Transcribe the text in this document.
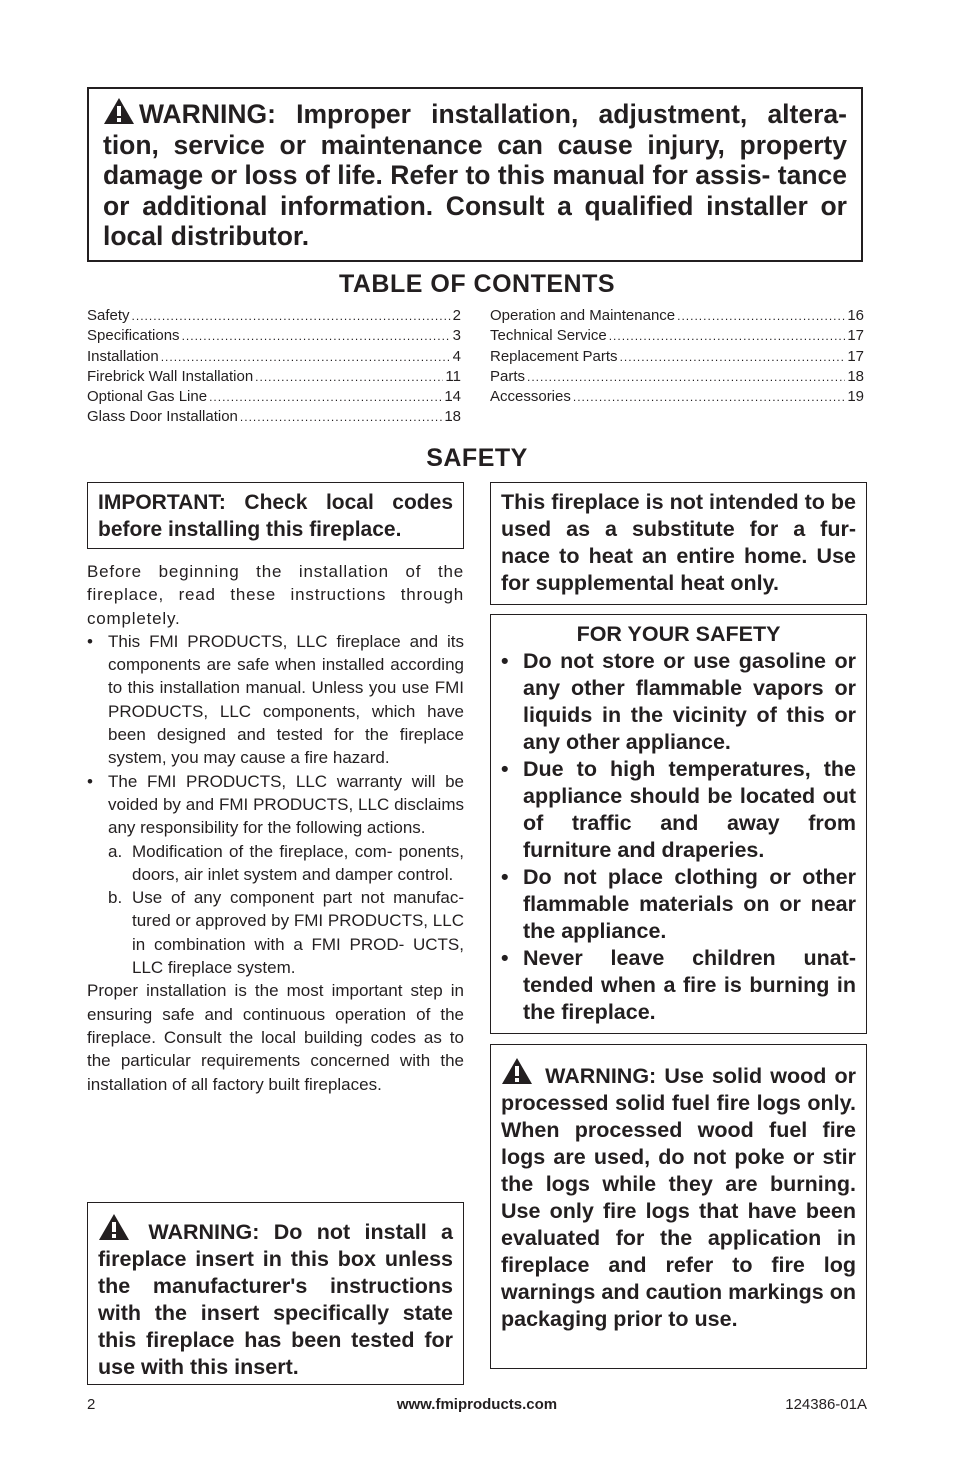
WARNING: Improper installation, adjustment, altera- tion, service or maintenance can cause injury, property damage or loss of life. Refer to this manual for assis- tance or additional information. Consult a qualified installer or local distributor.

TABLE OF CONTENTS
Safety .....	2
Specifications .....	3
Installation .....	4
Firebrick Wall Installation .....	11
Optional Gas Line .....	14
Glass Door Installation .....	18
Operation and Maintenance .....	16
Technical Service .....	17
Replacement Parts .....	17
Parts .....	18
Accessories .....	19
SAFETY

IMPORTANT: Check local codes before installing this fireplace.

Before beginning the installation of the fireplace, read these instructions through completely.

• This FMI PRODUCTS, LLC fireplace and its components are safe when installed according to this installation manual. Unless you use FMI PRODUCTS, LLC components, which have been designed and tested for the fireplace system, you may cause a fire hazard.
• The FMI PRODUCTS, LLC warranty will be voided by and FMI PRODUCTS, LLC disclaims any responsibility for the following actions.
a. Modification of the fireplace, com- ponents, doors, air inlet system and damper control.
b. Use of any component part not manufac- tured or approved by FMI PRODUCTS, LLC in combination with a FMI PROD- UCTS, LLC fireplace system.

Proper installation is the most important step in ensuring safe and continuous operation of the fireplace. Consult the local building codes as to the particular requirements concerned with the installation of all factory built fireplaces.

WARNING: Do not install a fireplace insert in this box unless the manufacturer's instructions with the insert specifically state this fireplace has been tested for use with this insert.

This fireplace is not intended to be used as a substitute for a fur- nace to heat an entire home. Use for supplemental heat only.

FOR YOUR SAFETY
• Do not store or use gasoline or any other flammable vapors or liquids in the vicinity of this or any other appliance.
• Due to high temperatures, the appliance should be located out of traffic and away from furniture and draperies.
• Do not place clothing or other flammable materials on or near the appliance.
• Never leave children unat- tended when a fire is burning in the fireplace.

WARNING: Use solid wood or processed solid fuel fire logs only. When processed wood fuel fire logs are used, do not poke or stir the logs while they are burning. Use only fire logs that have been evaluated for the application in fireplace and refer to fire log warnings and caution markings on packaging prior to use.

2	www.fmiproducts.com	124386-01A
